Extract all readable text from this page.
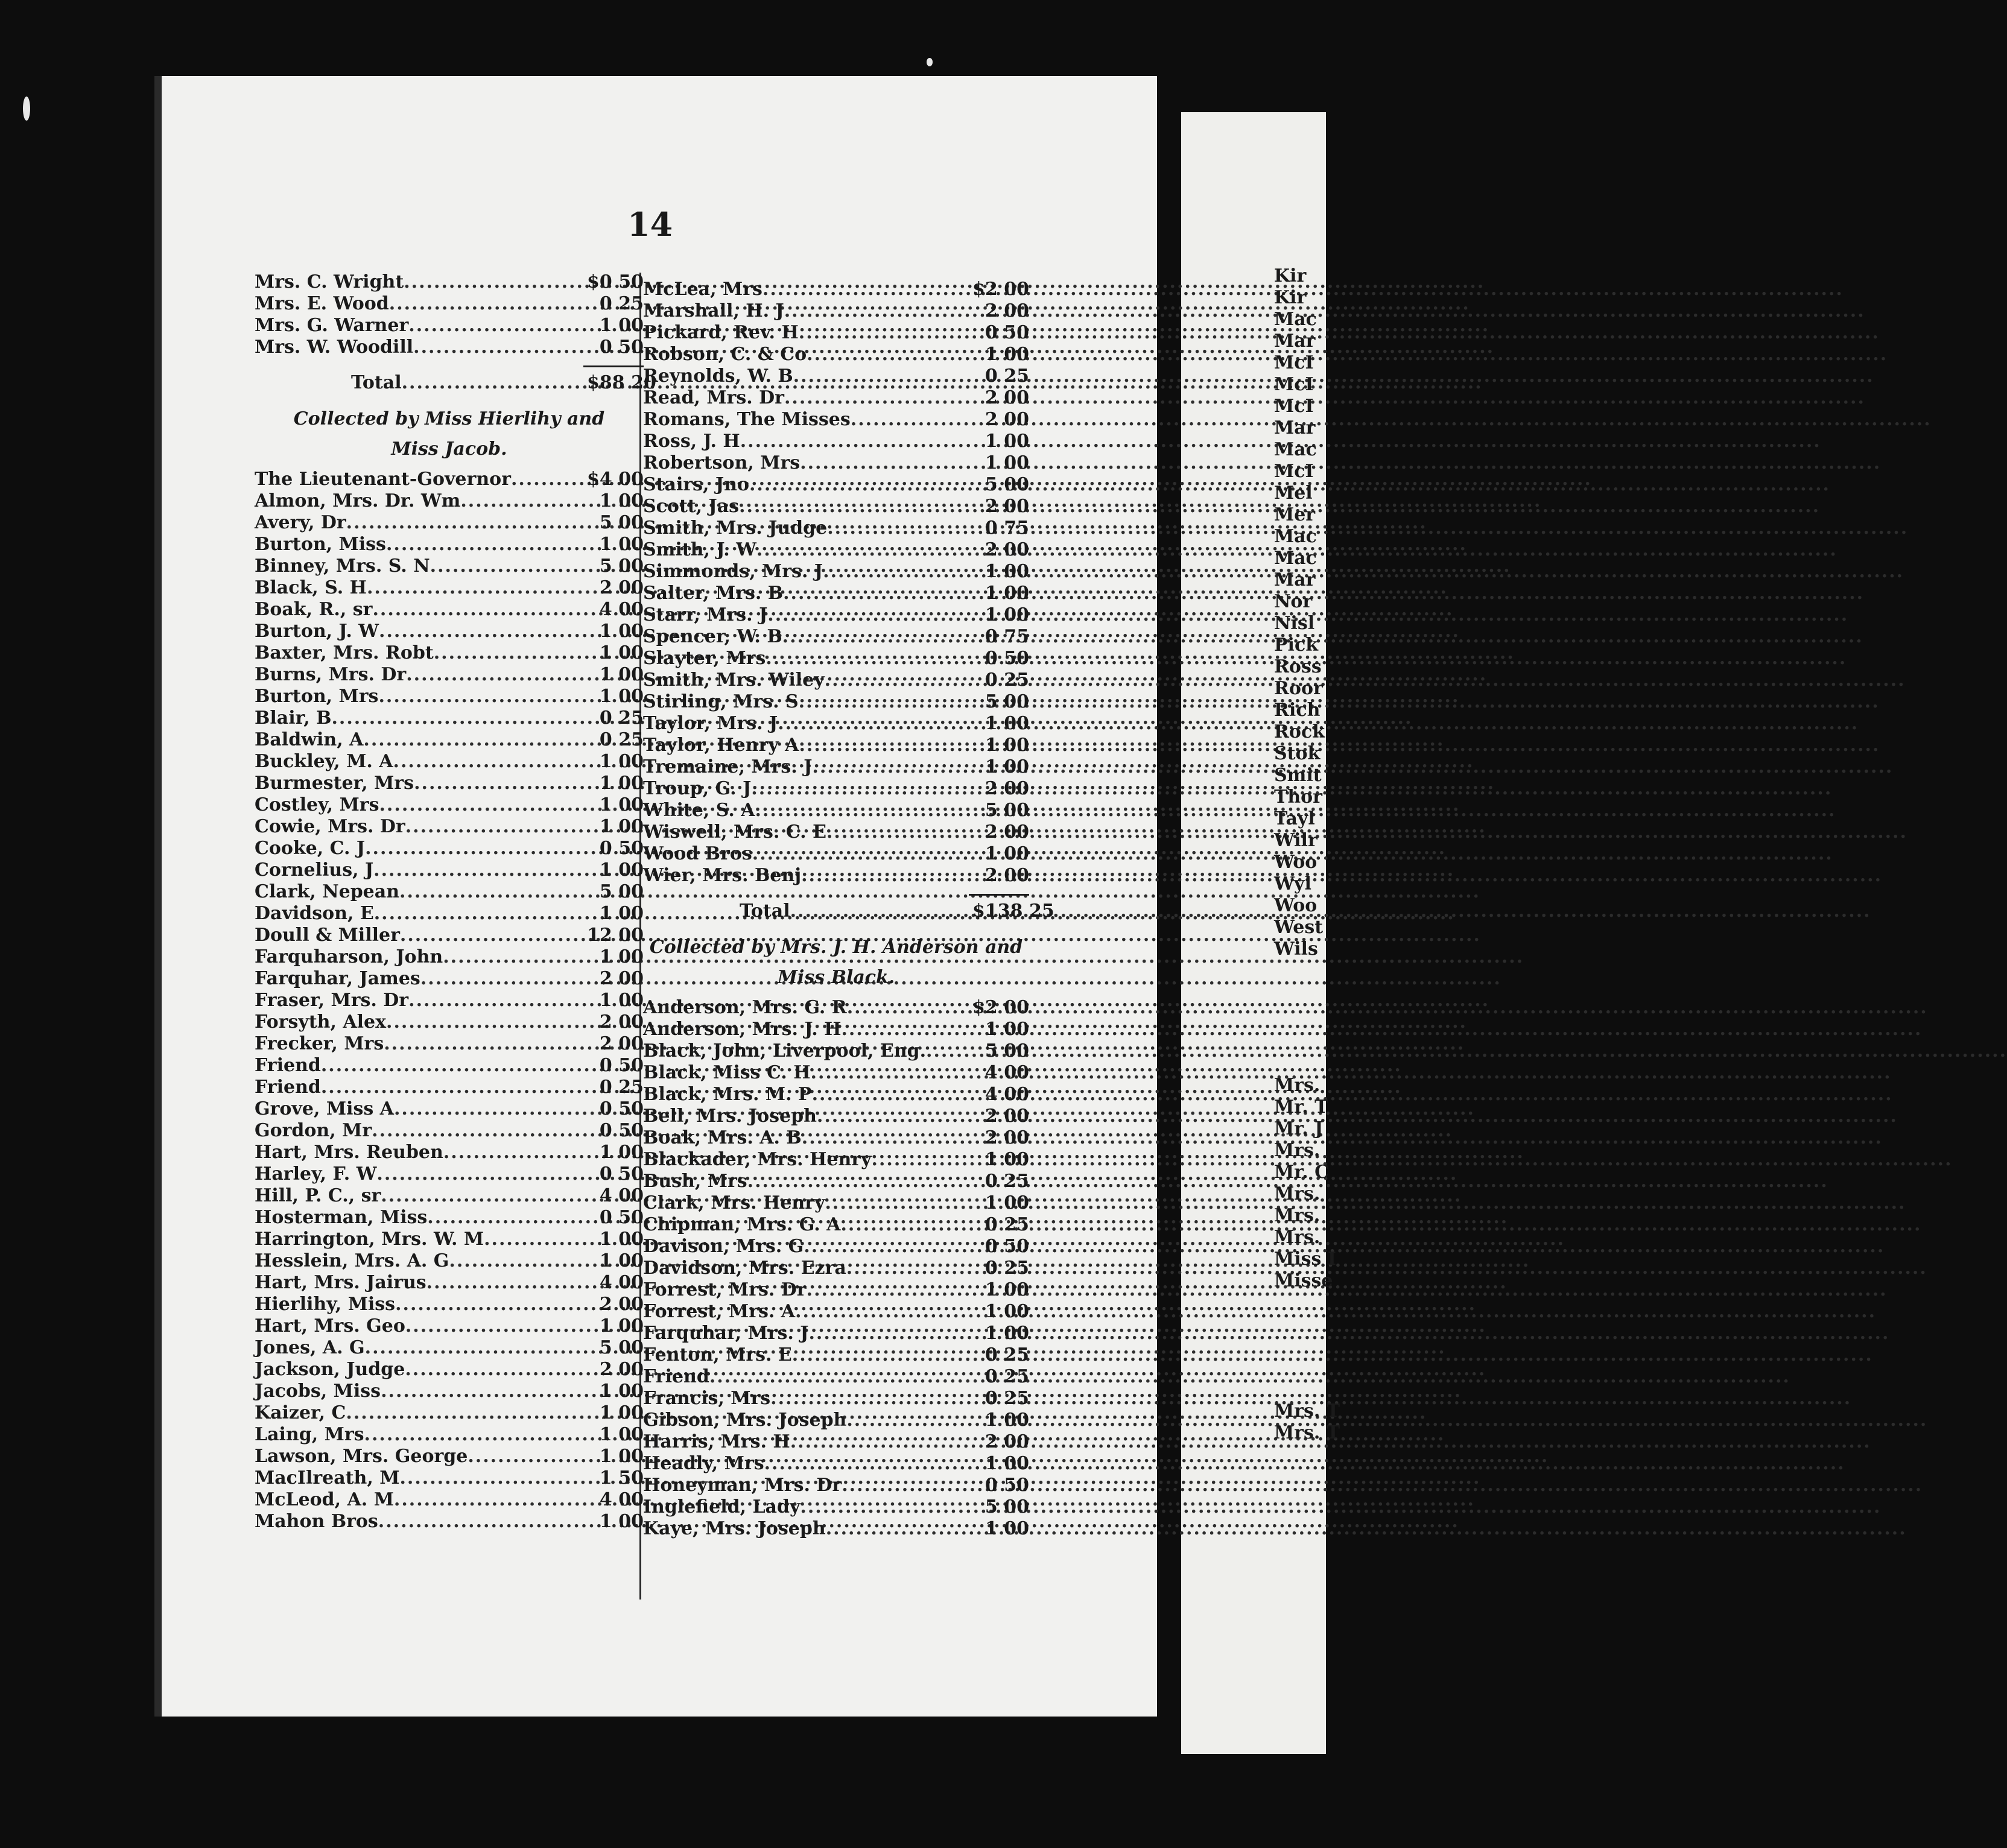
14
Mrs. C. Wright .....	$0 50
Mrs. E. Wood .....	0 25
Mrs. G. Warner .....	1 00
Mrs. W. Woodill .....	0 50
Total .....	$88 20
Collected by Miss Hierlihy and
Miss Jacob.
The Lieutenant-Governor .....	$4 00
Almon, Mrs. Dr. Wm .....	1 00
Avery, Dr .....	5 00
Burton, Miss .....	1 00
Binney, Mrs. S. N .....	5 00
Black, S. H .....	2 00
Boak, R., sr .....	4 00
Burton, J. W .....	1 00
Baxter, Mrs. Robt .....	1 00
Burns, Mrs. Dr .....	1 00
Burton, Mrs .....	1 00
Blair, B .....	0 25
Baldwin, A .....	0 25
Buckley, M. A .....	1 00
Burmester, Mrs .....	1 00
Costley, Mrs .....	1 00
Cowie, Mrs. Dr .....	1 00
Cooke, C. J .....	0 50
Cornelius, J .....	1 00
Clark, Nepean .....	5 00
Davidson, E .....	1 00
Doull & Miller .....	12 00
Farquharson, John .....	1 00
Farquhar, James .....	2 00
Fraser, Mrs. Dr .....	1 00
Forsyth, Alex .....	2 00
Frecker, Mrs .....	2 00
Friend .....	0 50
Friend .....	0 25
Grove, Miss A .....	0 50
Gordon, Mr .....	0 50
Hart, Mrs. Reuben .....	1 00
Harley, F. W .....	0 50
Hill, P. C., sr .....	4 00
Hosterman, Miss .....	0 50
Harrington, Mrs. W. M .....	1 00
Hesslein, Mrs. A. G .....	1 00
Hart, Mrs. Jairus .....	4 00
Hierlihy, Miss .....	2 00
Hart, Mrs. Geo .....	1 00
Jones, A. G .....	5 00
Jackson, Judge .....	2 00
Jacobs, Miss .....	1 00
Kaizer, C .....	1 00
Laing, Mrs .....	1 00
Lawson, Mrs. George .....	1 00
MacIlreath, M .....	1 50
McLeod, A. M .....	4 00
Mahon Bros .....	1 00
McLea, Mrs .....	$2 00
Marshall, H. J .....	2 00
Pickard, Rev. H .....	0 50
Robson, C. & Co .....	1 00
Reynolds, W. B .....	0 25
Read, Mrs. Dr .....	2 00
Romans, The Misses .....	2 00
Ross, J. H .....	1 00
Robertson, Mrs .....	1 00
Stairs, Jno .....	5 00
Scott, Jas .....	2 00
Smith, Mrs. Judge .....	0 75
Smith, J. W .....	2 00
Simmonds, Mrs. J .....	1 00
Salter, Mrs. B .....	1 00
Starr, Mrs. J .....	1 00
Spencer, W. B .....	0 75
Slayter, Mrs .....	0 50
Smith, Mrs. Wiley .....	0 25
Stirling, Mrs. S .....	5 00
Taylor, Mrs. J .....	1 00
Taylor, Henry A .....	1 00
Tremaine, Mrs. J .....	1 00
Troup, G. J .....	2 00
White, S. A .....	5 00
Wiswell, Mrs. C. E .....	2 00
Wood Bros .....	1 00
Wier, Mrs. Benj .....	2 00
Total .....	$138 25
Collected by Mrs. J. H. Anderson and
Miss Black.
Anderson, Mrs. G. R .....	$2 00
Anderson, Mrs. J. H .....	1 00
Black, John, Liverpool, Eng. .....	5 00
Black, Miss C. H .....	4 00
Black, Mrs. M. P .....	4 00
Bell, Mrs. Joseph .....	2 00
Boak, Mrs. A. B .....	2 00
Blackader, Mrs. Henry .....	1 00
Bush, Mrs .....	0 25
Clark, Mrs. Henry .....	1 00
Chipman, Mrs. G. A .....	0 25
Davison, Mrs. G .....	0 50
Davidson, Mrs. Ezra .....	0 25
Forrest, Mrs. Dr .....	1 00
Forrest, Mrs. A .....	1 00
Farquhar, Mrs. J .....	1 00
Fenton, Mrs. E .....	0 25
Friend .....	0 25
Francis, Mrs .....	0 25
Gibson, Mrs. Joseph .....	1 00
Harris, Mrs. H .....	2 00
Headly, Mrs .....	1 00
Honeyman, Mrs. Dr .....	0 50
Inglefield, Lady .....	5 00
Kaye, Mrs. Joseph .....	1 00
Kir
Kir
Mac
Mar
McI
McI
McI
Mar
Mac
McI
Mel
Mer
Mac
Mac
Mar
Nor
Nisl
Pick
Ross
Roor
Rich
Rock
Stok
Smit
Thor
Tayl
Wilr
Woo
Wyl
Woo
West
Wils
Mrs.
Mr. T
Mr. J
Mrs.
Mr. C
Mrs.
Mrs.
Mrs.
Miss I
Misse
Mrs. T
Mrs. T
